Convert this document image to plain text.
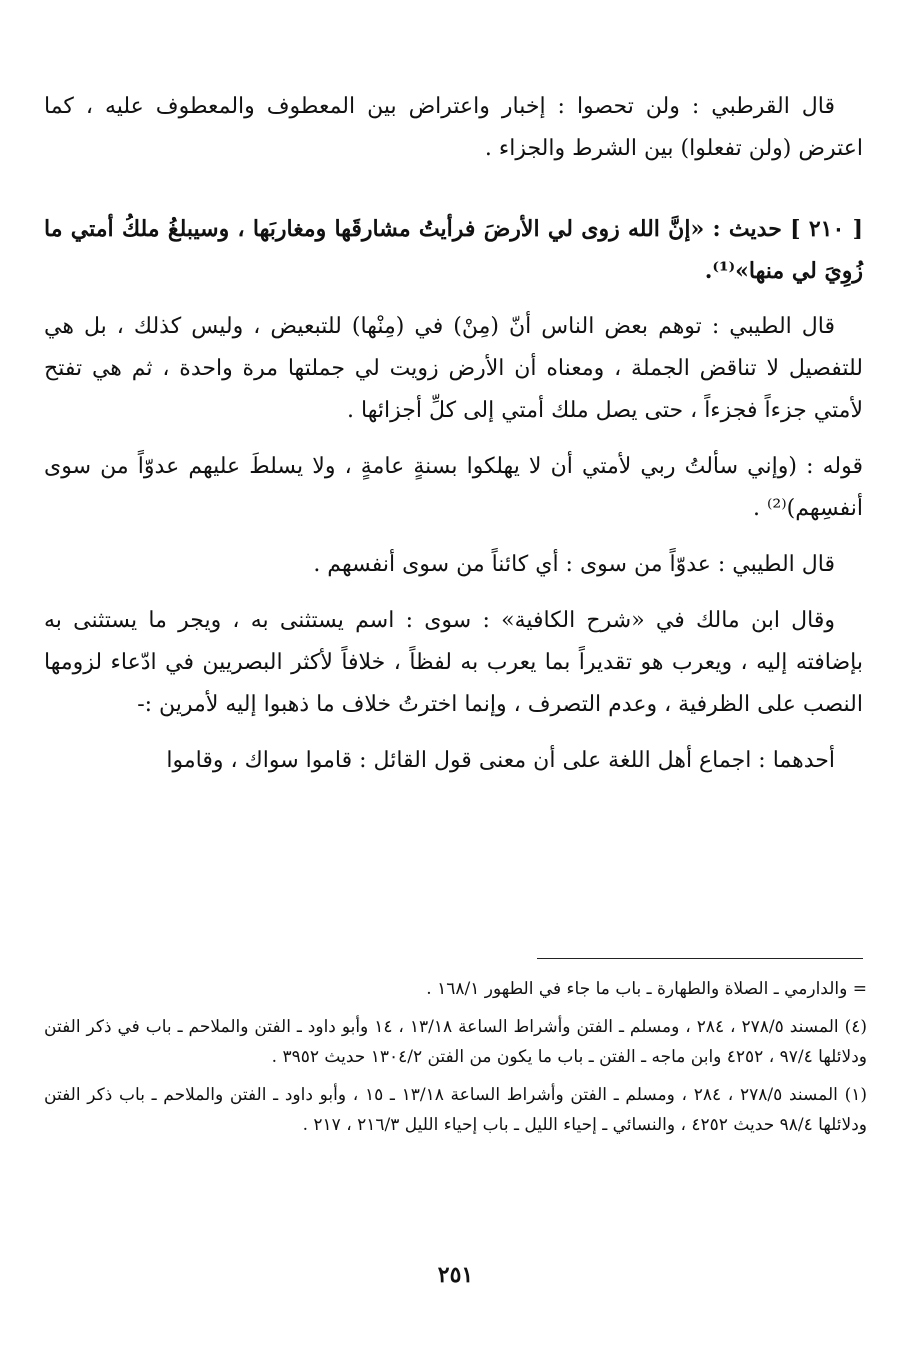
قال القرطبي : ولن تحصوا : إخبار واعتراض بين المعطوف والمعطوف عليه ، كما اعترض (ولن تفعلوا) بين الشرط والجزاء .

[ ٢١٠ ] حديث : «إنَّ الله زوى لي الأرضَ فرأيتُ مشارقَها ومغاربَها ، وسيبلغُ ملكُ أمتي ما زُوِيَ لي منها»⁽¹⁾.

قال الطيبي : توهم بعض الناس أنّ (مِنْ) في (مِنْها) للتبعيض ، وليس كذلك ، بل هي للتفصيل لا تناقض الجملة ، ومعناه أن الأرض زويت لي جملتها مرة واحدة ، ثم هي تفتح لأمتي جزءاً فجزءاً ، حتى يصل ملك أمتي إلى كلِّ أجزائها .

قوله : (وإني سألتُ ربي لأمتي أن لا يهلكوا بسنةٍ عامةٍ ، ولا يسلطَ عليهم عدوّاً من سوى أنفسِهم)⁽²⁾ .

قال الطيبي : عدوّاً من سوى : أي كائناً من سوى أنفسهم .

وقال ابن مالك في «شرح الكافية» : سوى : اسم يستثنى به ، ويجر ما يستثنى به بإضافته إليه ، ويعرب هو تقديراً بما يعرب به لفظاً ، خلافاً لأكثر البصريين في ادّعاء لزومها النصب على الظرفية ، وعدم التصرف ، وإنما اخترتُ خلاف ما ذهبوا إليه لأمرين :-

أحدهما : اجماع أهل اللغة على أن معنى قول القائل : قاموا سواك ، وقاموا

= والدارمي ـ الصلاة والطهارة ـ باب ما جاء في الطهور ١٦٨/١ .

(٤) المسند ٢٧٨/٥ ، ٢٨٤ ، ومسلم ـ الفتن وأشراط الساعة ١٣/١٨ ، ١٤ وأبو داود ـ الفتن والملاحم ـ باب في ذكر الفتن ودلائلها ٩٧/٤ ، ٤٢٥٢ وابن ماجه ـ الفتن ـ باب ما يكون من الفتن ١٣٠٤/٢ حديث ٣٩٥٢ .

(١) المسند ٢٧٨/٥ ، ٢٨٤ ، ومسلم ـ الفتن وأشراط الساعة ١٣/١٨ ـ ١٥ ، وأبو داود ـ الفتن والملاحم ـ باب ذكر الفتن ودلائلها ٩٨/٤ حديث ٤٢٥٢ ، والنسائي ـ إحياء الليل ـ باب إحياء الليل ٢١٦/٣ ، ٢١٧ .

٢٥١
